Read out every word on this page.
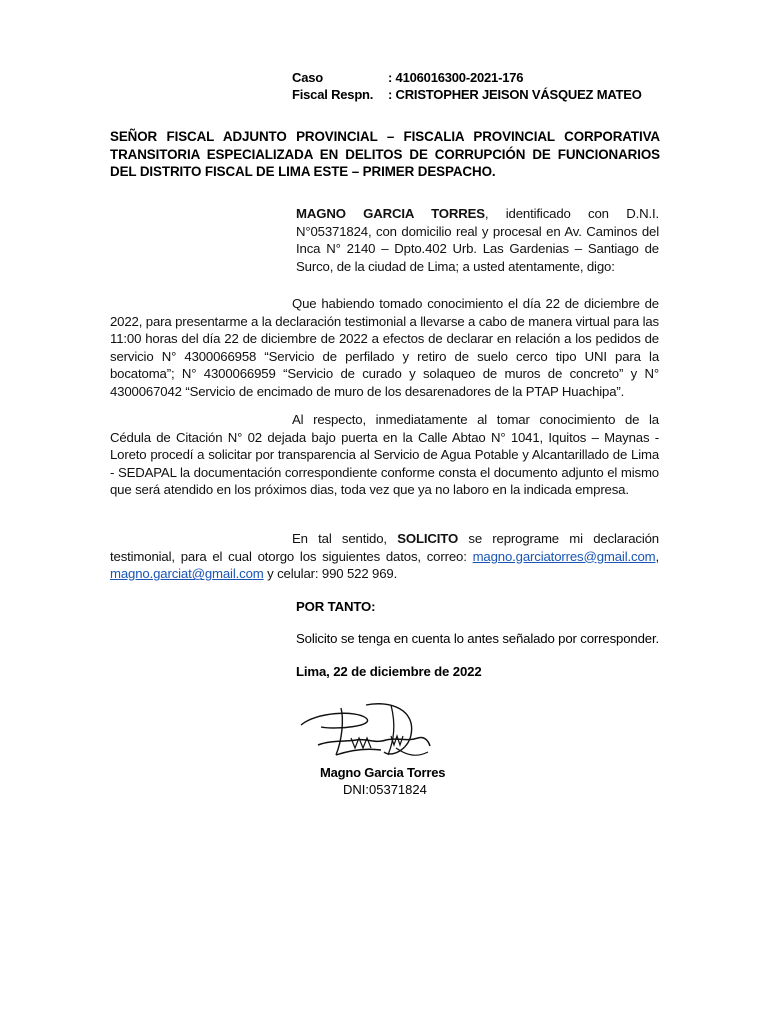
Caso	: 4106016300-2021-176
Fiscal Respn. : CRISTOPHER JEISON VÁSQUEZ MATEO
SEÑOR FISCAL ADJUNTO PROVINCIAL – FISCALIA PROVINCIAL CORPORATIVA TRANSITORIA ESPECIALIZADA EN DELITOS DE CORRUPCIÓN DE FUNCIONARIOS DEL DISTRITO FISCAL DE LIMA ESTE – PRIMER DESPACHO.
MAGNO GARCIA TORRES, identificado con D.N.I. N°05371824, con domicilio real y procesal en Av. Caminos del Inca N° 2140 – Dpto.402 Urb. Las Gardenias – Santiago de Surco, de la ciudad de Lima; a usted atentamente, digo:
Que habiendo tomado conocimiento el día 22 de diciembre de 2022, para presentarme a la declaración testimonial a llevarse a cabo de manera virtual para las 11:00 horas del día 22 de diciembre de 2022 a efectos de declarar en relación a los pedidos de servicio N° 4300066958 “Servicio de perfilado y retiro de suelo cerco tipo UNI para la bocatoma”; N° 4300066959 “Servicio de curado y solaqueo de muros de concreto” y N° 4300067042 “Servicio de encimado de muro de los desarenadores de la PTAP Huachipa”.
Al respecto, inmediatamente al tomar conocimiento de la Cédula de Citación N° 02 dejada bajo puerta en la Calle Abtao N° 1041, Iquitos – Maynas - Loreto procedí a solicitar por transparencia al Servicio de Agua Potable y Alcantarillado de Lima - SEDAPAL la documentación correspondiente conforme consta el documento adjunto el mismo que será atendido en los próximos dias, toda vez que ya no laboro en la indicada empresa.
En tal sentido, SOLICITO se reprograme mi declaración testimonial, para el cual otorgo los siguientes datos, correo: magno.garciatorres@gmail.com, magno.garciat@gmail.com y celular: 990 522 969.
POR TANTO:
Solicito se tenga en cuenta lo antes señalado por corresponder.
Lima, 22 de diciembre de 2022
Magno Garcia Torres
DNI:05371824
